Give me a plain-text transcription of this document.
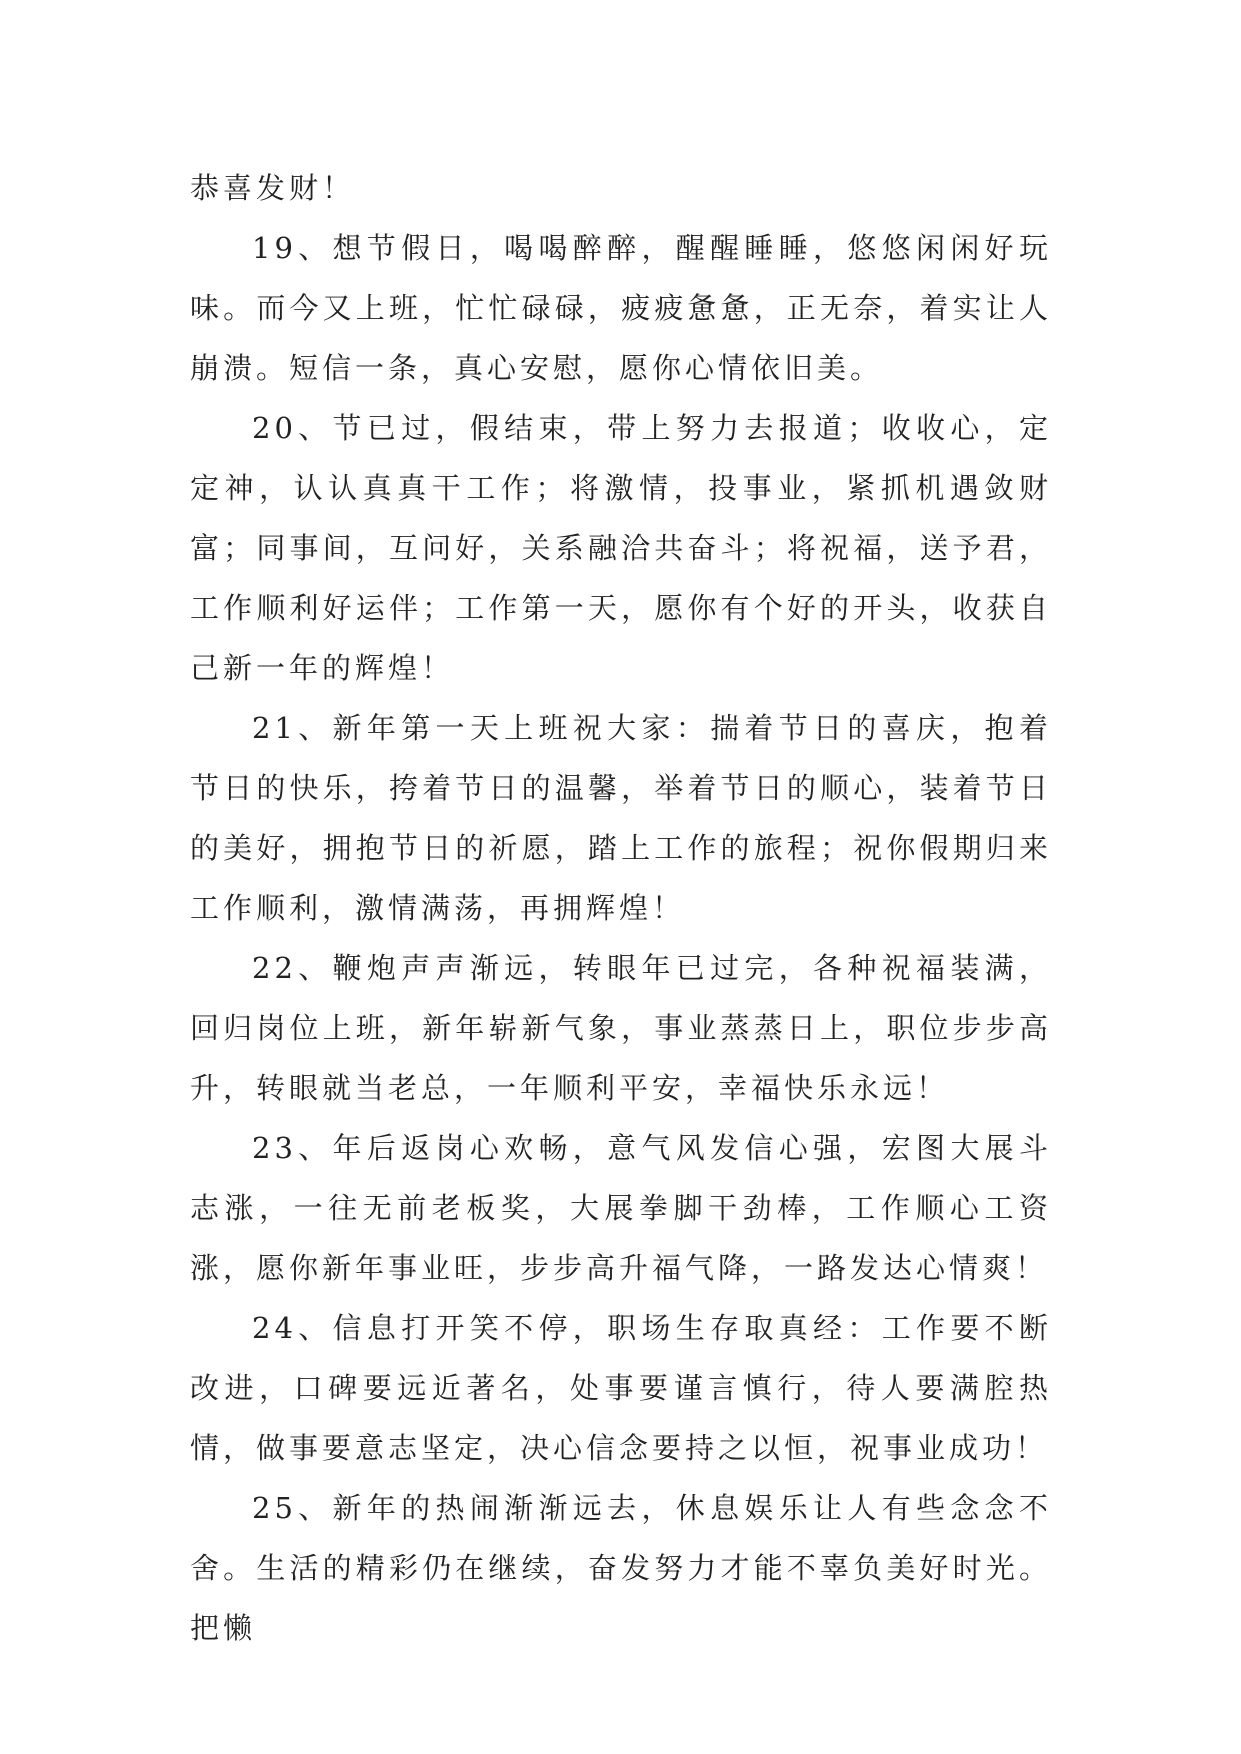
恭喜发财！

19、想节假日，喝喝醉醉，醒醒睡睡，悠悠闲闲好玩味。而今又上班，忙忙碌碌，疲疲惫惫，正无奈，着实让人崩溃。短信一条，真心安慰，愿你心情依旧美。

20、节已过，假结束，带上努力去报道；收收心，定定神，认认真真干工作；将激情，投事业，紧抓机遇敛财富；同事间，互问好，关系融洽共奋斗；将祝福，送予君，工作顺利好运伴；工作第一天，愿你有个好的开头，收获自己新一年的辉煌！

21、新年第一天上班祝大家：揣着节日的喜庆，抱着节日的快乐，挎着节日的温馨，举着节日的顺心，装着节日的美好，拥抱节日的祈愿，踏上工作的旅程；祝你假期归来工作顺利，激情满荡，再拥辉煌！

22、鞭炮声声渐远，转眼年已过完，各种祝福装满，回归岗位上班，新年崭新气象，事业蒸蒸日上，职位步步高升，转眼就当老总，一年顺利平安，幸福快乐永远！

23、年后返岗心欢畅，意气风发信心强，宏图大展斗志涨，一往无前老板奖，大展拳脚干劲棒，工作顺心工资涨，愿你新年事业旺，步步高升福气降，一路发达心情爽！

24、信息打开笑不停，职场生存取真经：工作要不断改进，口碑要远近著名，处事要谨言慎行，待人要满腔热情，做事要意志坚定，决心信念要持之以恒，祝事业成功！

25、新年的热闹渐渐远去，休息娱乐让人有些念念不舍。生活的精彩仍在继续，奋发努力才能不辜负美好时光。把懒
